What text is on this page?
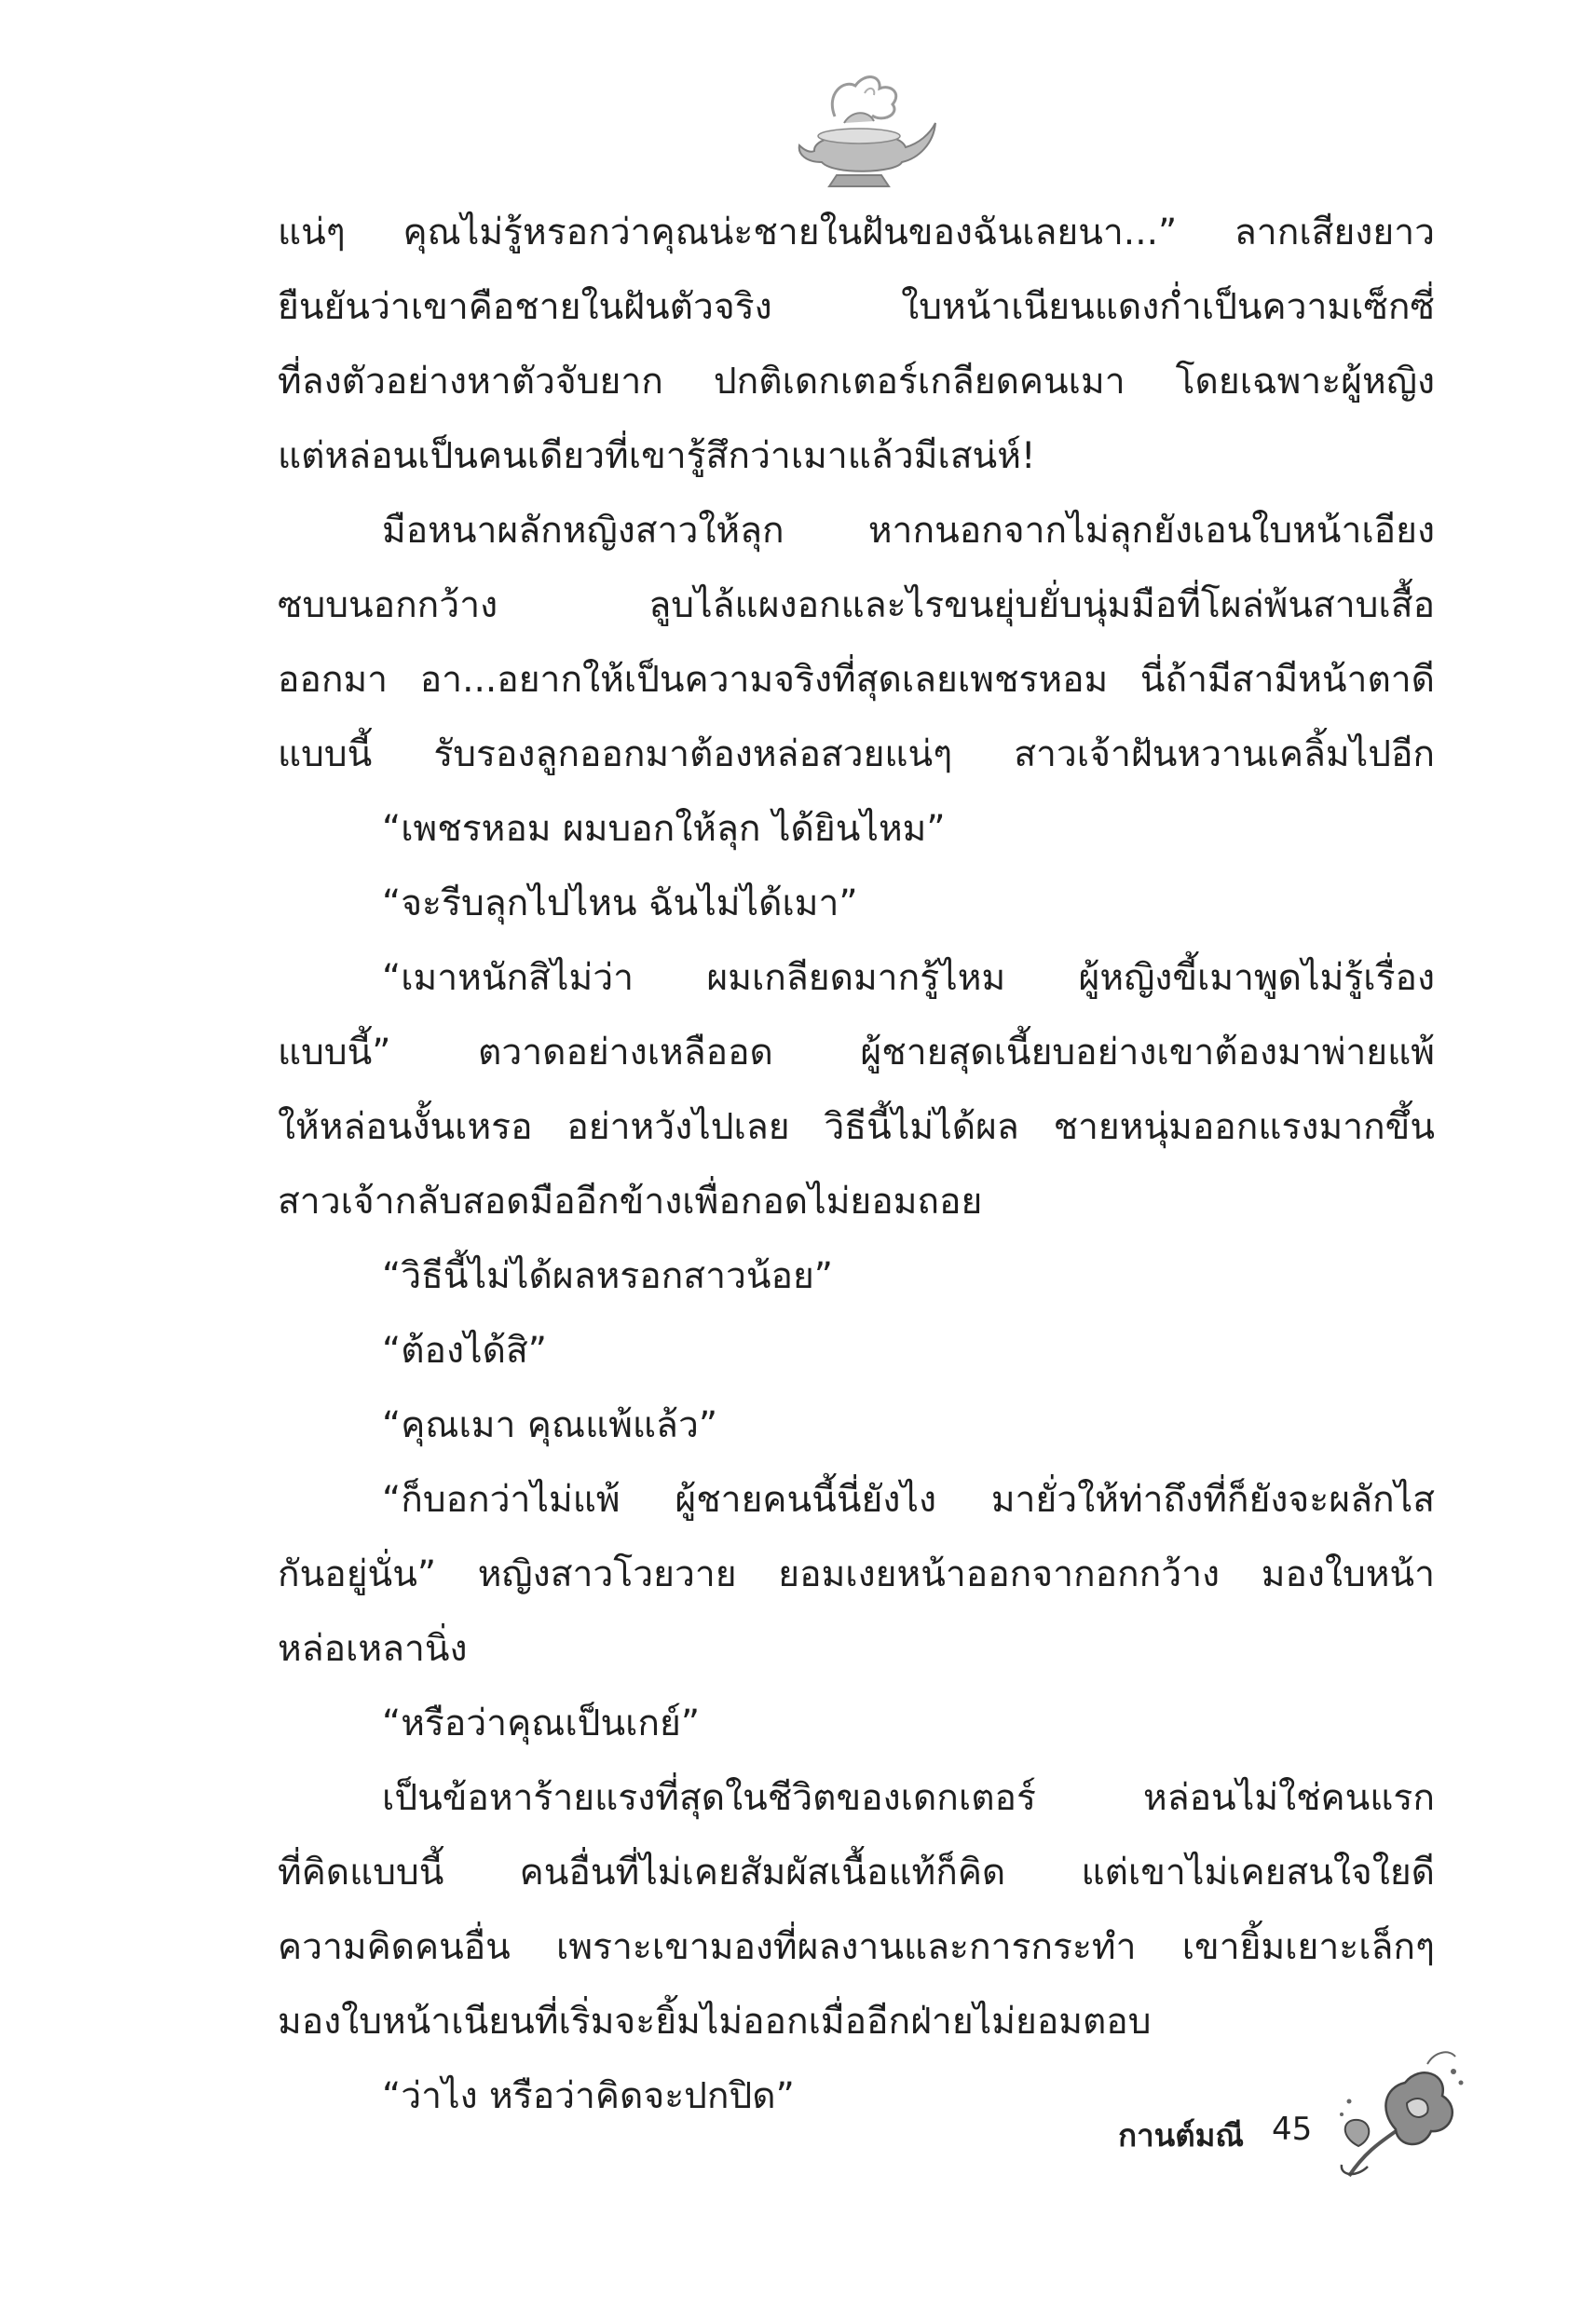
แน่ๆ คุณไม่รู้หรอกว่าคุณน่ะชายในฝันของฉันเลยนา...” ลากเสียงยาว
ยืนยันว่าเขาคือชายในฝันตัวจริง ใบหน้าเนียนแดงก่ำเป็นความเซ็กซี่
ที่ลงตัวอย่างหาตัวจับยาก ปกติเดกเตอร์เกลียดคนเมา โดยเฉพาะผู้หญิง
แต่หล่อนเป็นคนเดียวที่เขารู้สึกว่าเมาแล้วมีเสน่ห์!
มือหนาผลักหญิงสาวให้ลุก หากนอกจากไม่ลุกยังเอนใบหน้าเอียง
ซบบนอกกว้าง ลูบไล้แผงอกและไรขนยุ่บยั่บนุ่มมือที่โผล่พ้นสาบเสื้อ
ออกมา อา...อยากให้เป็นความจริงที่สุดเลยเพชรหอม นี่ถ้ามีสามีหน้าตาดี
แบบนี้ รับรองลูกออกมาต้องหล่อสวยแน่ๆ สาวเจ้าฝันหวานเคลิ้มไปอีก
“เพชรหอม ผมบอกให้ลุก ได้ยินไหม”
“จะรีบลุกไปไหน ฉันไม่ได้เมา”
“เมาหนักสิไม่ว่า ผมเกลียดมากรู้ไหม ผู้หญิงขี้เมาพูดไม่รู้เรื่อง
แบบนี้” ตวาดอย่างเหลืออด ผู้ชายสุดเนี้ยบอย่างเขาต้องมาพ่ายแพ้
ให้หล่อนงั้นเหรอ อย่าหวังไปเลย วิธีนี้ไม่ได้ผล ชายหนุ่มออกแรงมากขึ้น
สาวเจ้ากลับสอดมืออีกข้างเพื่อกอดไม่ยอมถอย
“วิธีนี้ไม่ได้ผลหรอกสาวน้อย”
“ต้องได้สิ”
“คุณเมา คุณแพ้แล้ว”
“ก็บอกว่าไม่แพ้ ผู้ชายคนนี้นี่ยังไง มายั่วให้ท่าถึงที่ก็ยังจะผลักไส
กันอยู่นั่น” หญิงสาวโวยวาย ยอมเงยหน้าออกจากอกกว้าง มองใบหน้า
หล่อเหลานิ่ง
“หรือว่าคุณเป็นเกย์”
เป็นข้อหาร้ายแรงที่สุดในชีวิตของเดกเตอร์ หล่อนไม่ใช่คนแรก
ที่คิดแบบนี้ คนอื่นที่ไม่เคยสัมผัสเนื้อแท้ก็คิด แต่เขาไม่เคยสนใจใยดี
ความคิดคนอื่น เพราะเขามองที่ผลงานและการกระทำ เขายิ้มเยาะเล็กๆ
มองใบหน้าเนียนที่เริ่มจะยิ้มไม่ออกเมื่ออีกฝ่ายไม่ยอมตอบ
“ว่าไง หรือว่าคิดจะปกปิด”
กานต์มณี 45
